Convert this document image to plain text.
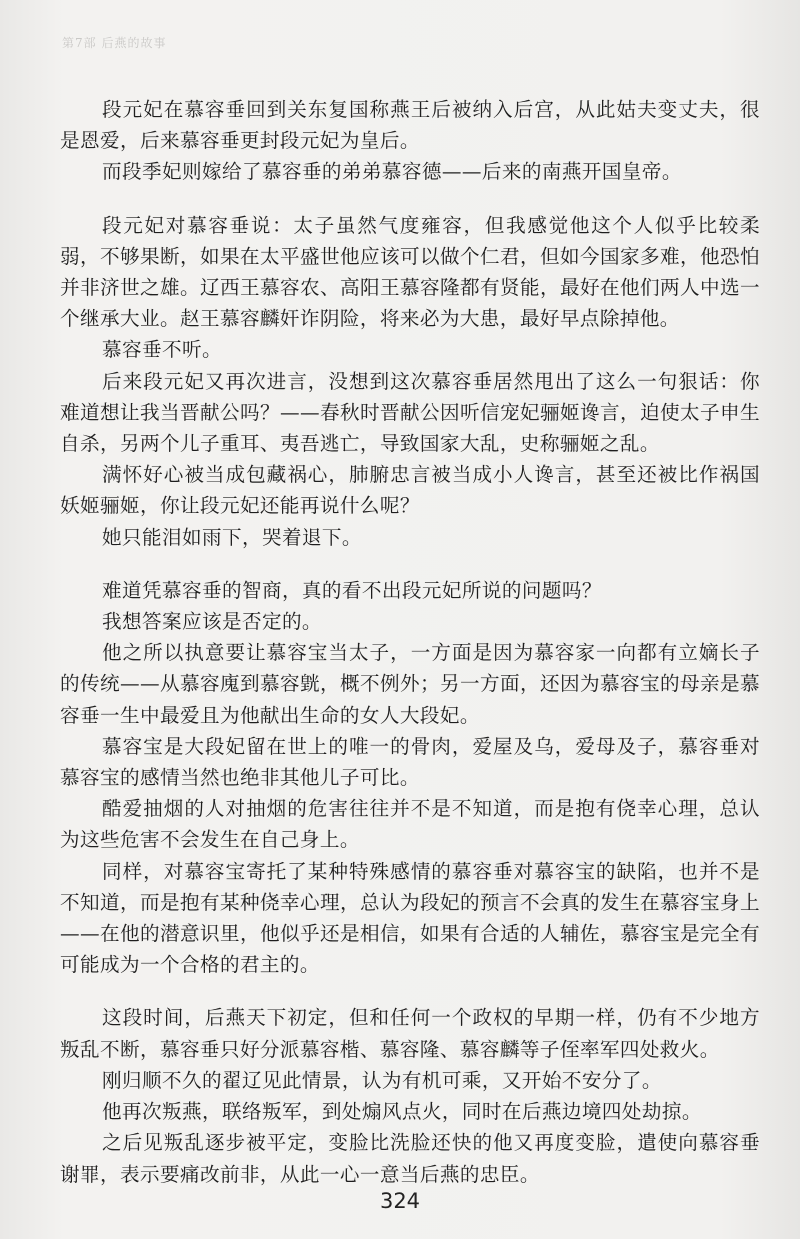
第7部 后燕的故事

段元妃在慕容垂回到关东复国称燕王后被纳入后宫，从此姑夫变丈夫，很是恩爱，后来慕容垂更封段元妃为皇后。

而段季妃则嫁给了慕容垂的弟弟慕容德——后来的南燕开国皇帝。

段元妃对慕容垂说：太子虽然气度雍容，但我感觉他这个人似乎比较柔弱，不够果断，如果在太平盛世他应该可以做个仁君，但如今国家多难，他恐怕并非济世之雄。辽西王慕容农、高阳王慕容隆都有贤能，最好在他们两人中选一个继承大业。赵王慕容麟奸诈阴险，将来必为大患，最好早点除掉他。

慕容垂不听。

后来段元妃又再次进言，没想到这次慕容垂居然甩出了这么一句狠话：你难道想让我当晋献公吗？——春秋时晋献公因听信宠妃骊姬谗言，迫使太子申生自杀，另两个儿子重耳、夷吾逃亡，导致国家大乱，史称骊姬之乱。

满怀好心被当成包藏祸心，肺腑忠言被当成小人谗言，甚至还被比作祸国妖姬骊姬，你让段元妃还能再说什么呢？

她只能泪如雨下，哭着退下。

难道凭慕容垂的智商，真的看不出段元妃所说的问题吗？

我想答案应该是否定的。

他之所以执意要让慕容宝当太子，一方面是因为慕容家一向都有立嫡长子的传统——从慕容廆到慕容皝，概不例外；另一方面，还因为慕容宝的母亲是慕容垂一生中最爱且为他献出生命的女人大段妃。

慕容宝是大段妃留在世上的唯一的骨肉，爱屋及乌，爱母及子，慕容垂对慕容宝的感情当然也绝非其他儿子可比。

酷爱抽烟的人对抽烟的危害往往并不是不知道，而是抱有侥幸心理，总认为这些危害不会发生在自己身上。

同样，对慕容宝寄托了某种特殊感情的慕容垂对慕容宝的缺陷，也并不是不知道，而是抱有某种侥幸心理，总认为段妃的预言不会真的发生在慕容宝身上——在他的潜意识里，他似乎还是相信，如果有合适的人辅佐，慕容宝是完全有可能成为一个合格的君主的。

这段时间，后燕天下初定，但和任何一个政权的早期一样，仍有不少地方叛乱不断，慕容垂只好分派慕容楷、慕容隆、慕容麟等子侄率军四处救火。

刚归顺不久的翟辽见此情景，认为有机可乘，又开始不安分了。

他再次叛燕，联络叛军，到处煽风点火，同时在后燕边境四处劫掠。

之后见叛乱逐步被平定，变脸比洗脸还快的他又再度变脸，遣使向慕容垂谢罪，表示要痛改前非，从此一心一意当后燕的忠臣。

324
